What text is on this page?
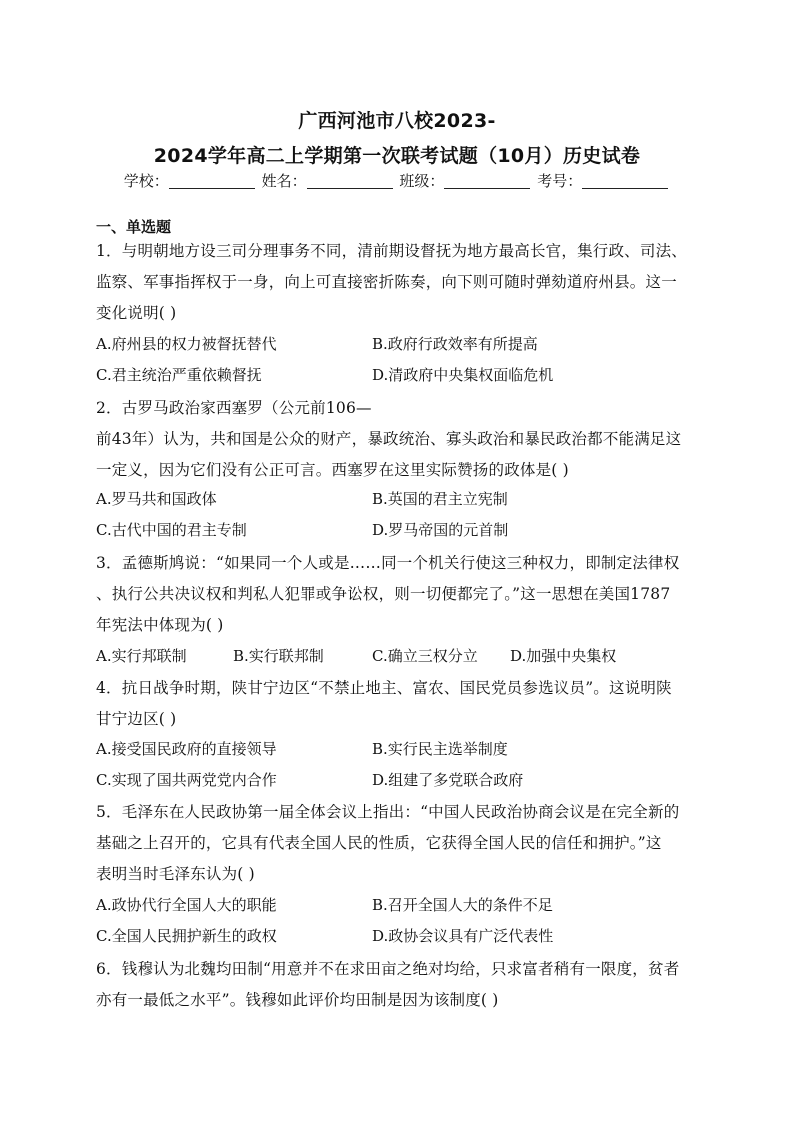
广西河池市八校2023-
2024学年高二上学期第一次联考试题（10月）历史试卷
学校：	姓名：	班级：	考号：
一、单选题
1．与明朝地方设三司分理事务不同，清前期设督抚为地方最高长官，集行政、司法、
监察、军事指挥权于一身，向上可直接密折陈奏，向下则可随时弹劾道府州县。这一
变化说明( )
A.府州县的权力被督抚替代	B.政府行政效率有所提高
C.君主统治严重依赖督抚	D.清政府中央集权面临危机
2．古罗马政治家西塞罗（公元前106—
前43年）认为，共和国是公众的财产，暴政统治、寡头政治和暴民政治都不能满足这
一定义，因为它们没有公正可言。西塞罗在这里实际赞扬的政体是( )
A.罗马共和国政体	B.英国的君主立宪制
C.古代中国的君主专制	D.罗马帝国的元首制
3．孟德斯鸠说：“如果同一个人或是……同一个机关行使这三种权力，即制定法律权
、执行公共决议权和判私人犯罪或争讼权，则一切便都完了。”这一思想在美国1787
年宪法中体现为( )
A.实行邦联制	B.实行联邦制	C.确立三权分立 D.加强中央集权
4．抗日战争时期，陕甘宁边区“不禁止地主、富农、国民党员参选议员”。这说明陕
甘宁边区( )
A.接受国民政府的直接领导	B.实行民主选举制度
C.实现了国共两党党内合作	D.组建了多党联合政府
5．毛泽东在人民政协第一届全体会议上指出：“中国人民政治协商会议是在完全新的
基础之上召开的，它具有代表全国人民的性质，它获得全国人民的信任和拥护。”这
表明当时毛泽东认为( )
A.政协代行全国人大的职能	B.召开全国人大的条件不足
C.全国人民拥护新生的政权	D.政协会议具有广泛代表性
6．钱穆认为北魏均田制“用意并不在求田亩之绝对均给，只求富者稍有一限度，贫者
亦有一最低之水平”。钱穆如此评价均田制是因为该制度( )
